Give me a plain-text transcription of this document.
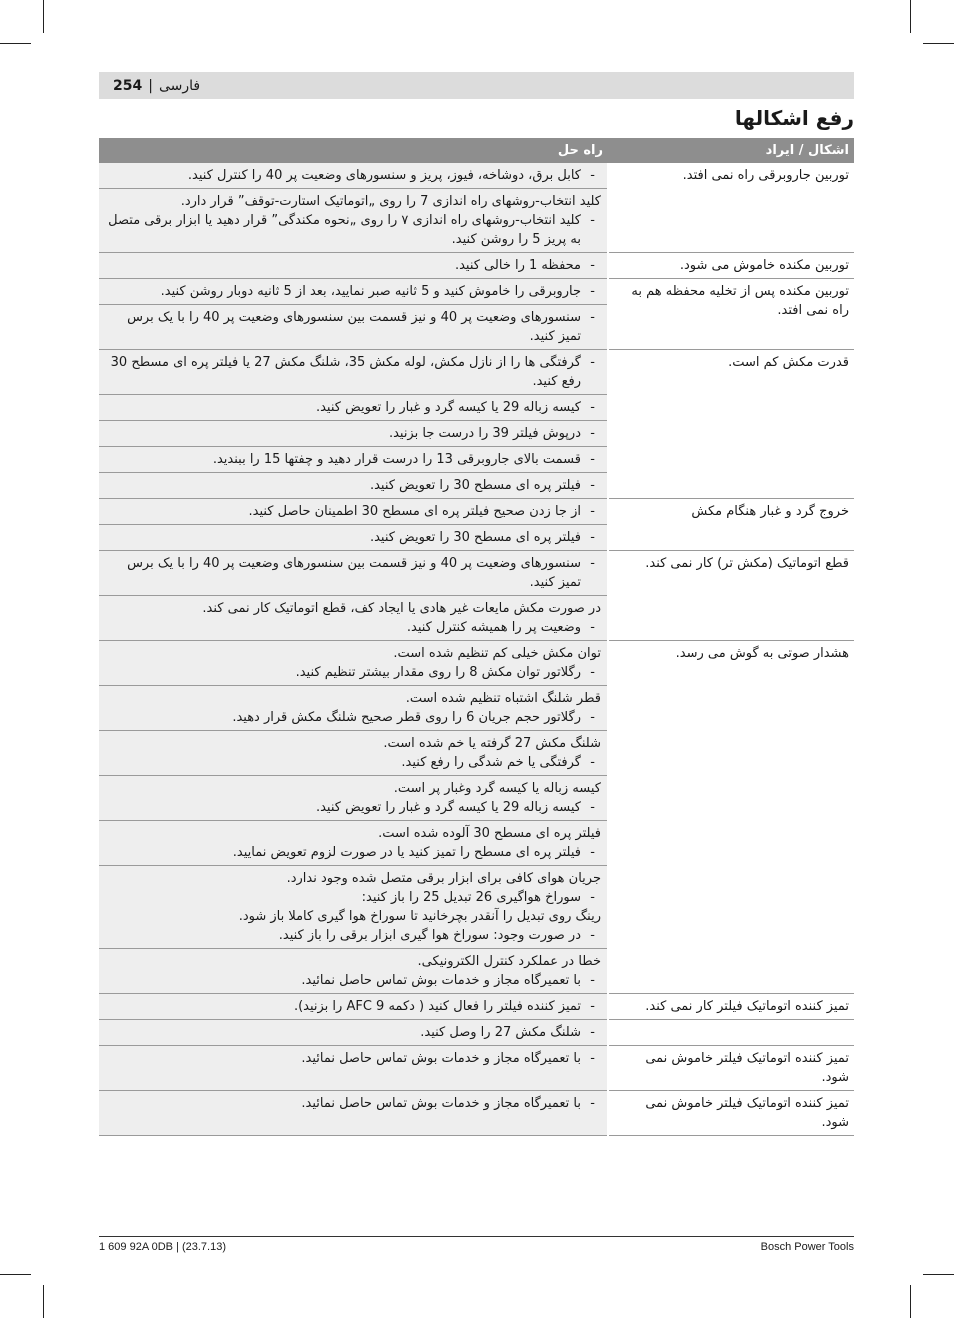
254 | فارسی
رفع اشکالها
اشکال / ایراد	راه حل
توربین جاروبرقی راه نمی افتد.	- کابل برق، دوشاخه، فیوز، پریز و سنسورهای وضعیت پر 40 را کنترل کنید.

	کلید انتخاب-روشهای راه اندازی 7 را روی „اتوماتیک استارت-توقف” قرار دارد.
- کلید انتخاب-روشهای راه اندازی ۷ را روی „نحوه مکندگی” قرار دهید یا ابزار برقی متصل به پریز 5 را روشن کنید.

توربین مکنده خاموش می شود.	- محفظه 1 را خالی کنید.

توربین مکنده پس از تخلیه محفظه هم به راه نمی افتد.	- جاروبرقی را خاموش کنید و 5 ثانیه صبر نمایید، بعد از 5 ثانیه دوبار روشن کنید.

	- سنسورهای وضعیت پر 40 و نیز قسمت بین سنسورهای وضعیت پر 40 را با یک برس تمیز کنید.

قدرت مکش کم است.	- گرفتگی ها را از نازل مکش، لوله مکش 35، شلنگ مکش 27 یا فیلتر پره ای مسطح 30 رفع کنید.

	- کیسه زباله 29 یا کیسه گرد و غبار را تعویض کنید.

	- درپوش فیلتر 39 را درست جا بزنید.

	- قسمت بالای جاروبرقی 13 را درست قرار دهید و چفتها 15 را ببندید.

	- فیلتر پره ای مسطح 30 را تعویض کنید.

خروج گرد و غبار هنگام مکش	- از جا زدن صحیح فیلتر پره ای مسطح 30 اطمینان حاصل کنید.

	- فیلتر پره ای مسطح 30 را تعویض کنید.

قطع اتوماتیک (مکش تر) کار نمی کند.	- سنسورهای وضعیت پر 40 و نیز قسمت بین سنسورهای وضعیت پر 40 را با یک برس تمیز کنید.

	در صورت مکش مایعات غیر هادی یا ایجاد کف، قطع اتوماتیک کار نمی کند.
- وضعیت پر را همیشه کنترل کنید.

هشدار صوتی به گوش می رسد.	توان مکش خیلی کم تنظیم شده است.
- رگلاتور توان مکش 8 را روی مقدار بیشتر تنظیم کنید.

	قطر شلنگ اشتباه تنظیم شده است.
- رگلاتور حجم جریان 6 را روی قطر صحیح شلنگ مکش قرار دهید.

	شلنگ مکش 27 گرفته یا خم شده است.
- گرفتگی یا خم شدگی را رفع کنید.

	کیسه زباله یا کیسه گرد وغبار پر است.
- کیسه زباله 29 یا کیسه گرد و غبار را تعویض کنید.

	فیلتر پره ای مسطح 30 آلوده شده است.
- فیلتر پره ای مسطح را تمیز کنید یا در صورت لزوم تعویض نمایید.

	جریان هوای کافی برای ابزار برقی متصل شده وجود ندارد.
- سوراخ هواگیری 26 تبدیل 25 را باز کنید:
رینگ روی تبدیل را آنقدر بچرخانید تا سوراخ هوا گیری کاملا باز شود.
- در صورت وجود: سوراخ هوا گیری ابزار برقی را باز کنید.

	خطا در عملکرد کنترل الکترونیکی.
- با تعمیرگاه مجاز و خدمات بوش تماس حاصل نمائید.

تمیز کننده اتوماتیک فیلتر کار نمی کند.	- تمیز کننده فیلتر را فعال کنید ( دکمه 9 AFC را بزنید).

	- شلنگ مکش 27 را وصل کنید.

تمیز کننده اتوماتیک فیلتر خاموش نمی شود.	- با تعمیرگاه مجاز و خدمات بوش تماس حاصل نمائید.

تمیز کننده اتوماتیک فیلتر خاموش نمی شود.	- با تعمیرگاه مجاز و خدمات بوش تماس حاصل نمائید.
1 609 92A 0DB | (23.7.13)	Bosch Power Tools
